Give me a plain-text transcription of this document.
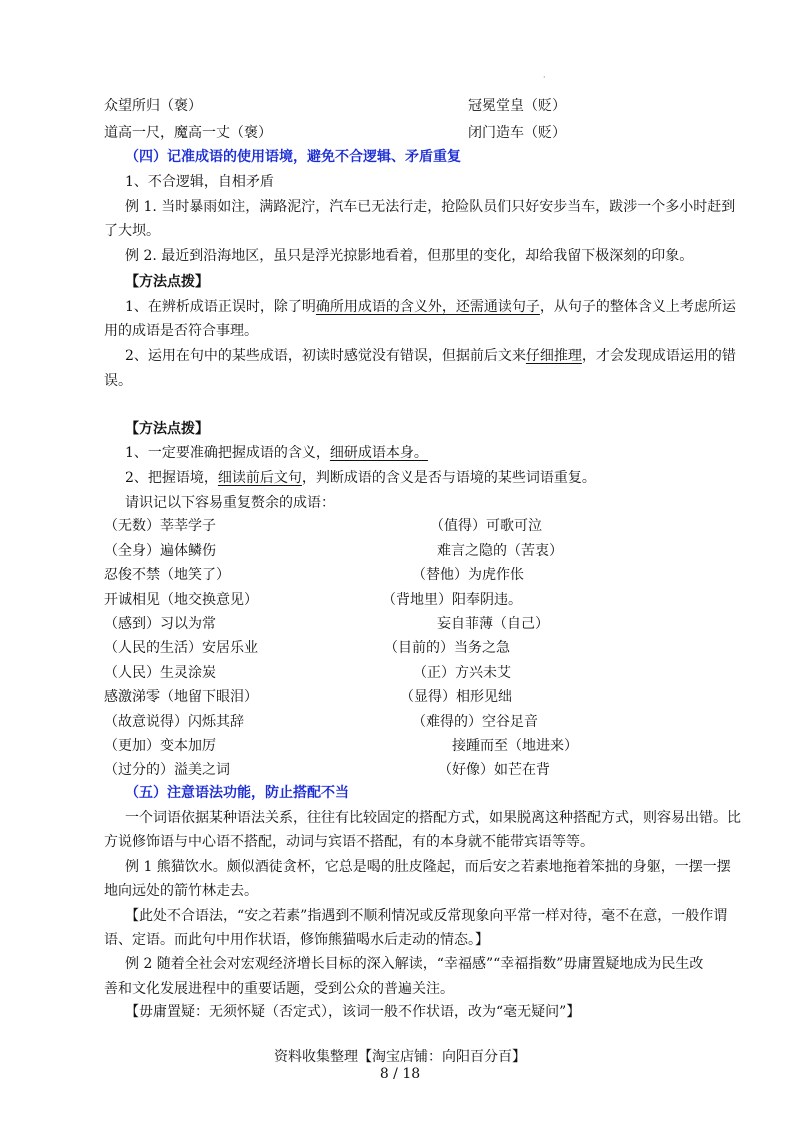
·
众望所归（褒）	冠冕堂皇（贬）
道高一尺，魔高一丈（褒）	闭门造车（贬）
（四）记准成语的使用语境，避免不合逻辑、矛盾重复
1、不合逻辑，自相矛盾
例 1. 当时暴雨如注，满路泥泞，汽车已无法行走，抢险队员们只好安步当车，跋涉一个多小时赶到
了大坝。
例 2. 最近到沿海地区，虽只是浮光掠影地看着，但那里的变化，却给我留下极深刻的印象。
【方法点拨】
1、在辨析成语正误时，除了明确所用成语的含义外，还需通读句子，从句子的整体含义上考虑所运
用的成语是否符合事理。
2、运用在句中的某些成语，初读时感觉没有错误，但据前后文来仔细推理，才会发现成语运用的错
误。
【方法点拨】
1、一定要准确把握成语的含义，细研成语本身。
2、把握语境，细读前后文句，判断成语的含义是否与语境的某些词语重复。
请识记以下容易重复赘余的成语：
（无数）莘莘学子	（值得）可歌可泣
（全身）遍体鳞伤	难言之隐的（苦衷）
忍俊不禁（地笑了）	（替他）为虎作伥
开诚相见（地交换意见）	（背地里）阳奉阴违。
（感到）习以为常	妄自菲薄（自己）
（人民的生活）安居乐业	（目前的）当务之急
（人民）生灵涂炭	（正）方兴未艾
感激涕零（地留下眼泪）	（显得）相形见绌
（故意说得）闪烁其辞	（难得的）空谷足音
（更加）变本加厉	接踵而至（地进来）
（过分的）溢美之词	（好像）如芒在背
（五）注意语法功能，防止搭配不当
一个词语依据某种语法关系，往往有比较固定的搭配方式，如果脱离这种搭配方式，则容易出错。比
方说修饰语与中心语不搭配，动词与宾语不搭配，有的本身就不能带宾语等等。
例 1 熊猫饮水。颇似酒徒贪杯，它总是喝的肚皮隆起，而后安之若素地拖着笨拙的身躯，一摆一摆
地向远处的箭竹林走去。
【此处不合语法，“安之若素”指遇到不顺利情况或反常现象向平常一样对待，毫不在意，一般作谓
语、定语。而此句中用作状语，修饰熊猫喝水后走动的情态。】
例 2 随着全社会对宏观经济增长目标的深入解读，“幸福感”“幸福指数”毋庸置疑地成为民生改
善和文化发展进程中的重要话题，受到公众的普遍关注。
【毋庸置疑：无须怀疑（否定式），该词一般不作状语，改为“毫无疑问”】
资料收集整理【淘宝店铺：向阳百分百】
8 / 18
